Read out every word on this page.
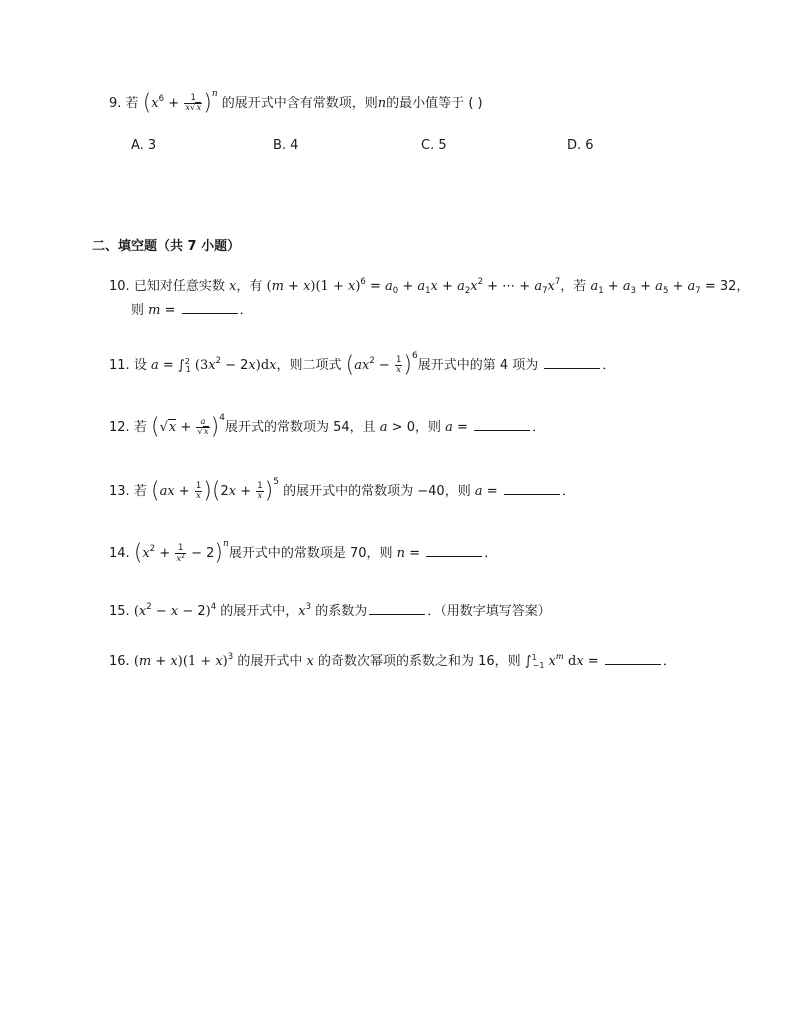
9. 若 $(x^6 + \frac{1}{x√x} )^n$ 的展开式中含有常数项，则n的最小值等于 ( )
A. 3	B. 4	C. 5	D. 6
二、填空题（共 7 小题）
10. 已知对任意实数 x，有 $(m + x)(1 + x)^6 = a_0 + a_1x + a_2x^2$ + ⋯ + $a_7x^7$，若 $a_1 + a_3 + a_5 + a_7 = 32$，
则 m =	．
11. 设 a = ∫$^2_1$ $(3x^2 - 2x)dx$，则二项式 $(ax^2 - \frac{1}{x} )^6$展开式中的第 4 项为	．
12. 若 $(√x + \frac{a}{√x} )^4$展开式的常数项为 54，且 a > 0，则 a =	．
13. 若 $(ax + \frac{1}{x} )(2x + \frac{1}{x} )^5$ 的展开式中的常数项为 −40，则 a =	．
14. $(x^2 + \frac{1}{x^2} - 2)^n$展开式中的常数项是 70，则 n =	．
15. $(x^2 - x - 2)^4$ 的展开式中，$x^3$ 的系数为	．（用数字填写答案）
16. $(m + x)(1 + x)^3$ 的展开式中 x 的奇数次幂项的系数之和为 16，则 ∫$^1_{-1}$ $x^m$ dx =	．
